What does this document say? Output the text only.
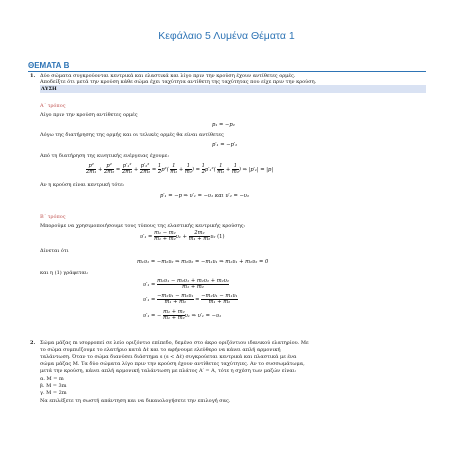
Κεφάλαιο 5 Λυμένα Θέματα 1
ΘΕΜΑΤΑ Β
1. Δύο σώματα συγκρούονται κεντρικά και ελαστικά και λίγο πριν την κρούση έχουν αντίθετες ορμές.
Αποδείξτε ότι μετά την κρούση κάθε σώμα έχει ταχύτητα αντίθετη της ταχύτητας που είχε πριν την κρούση.
ΛΥΣΗ
Α΄ τρόπος
Λίγο πριν την κρούση αντίθετες ορμές
p₁ = −p₂
Λόγω της διατήρησης της ορμής και οι τελικές ορμές θα είναι αντίθετες
p′₁ = −p′₂
Από τη διατήρηση της κινητικής ενέργειας έχουμε:
$\frac{\text{p²}}{\text{2m₁}} + \frac{\text{p²}}{\text{2m₂}} = \frac{\text{p′₁²}}{\text{2m₁}} + \frac{\text{p′₂²}}{\text{2m₂}} = \frac{1}{2} p^2( \frac{1}{\text{m₁}} + \frac{1}{\text{m₂}}$ ) = $\frac{1}{2} p'_1^2( \frac{1}{\text{m₁}} + \frac{1}{\text{m₂}}$ ) ⇒ |p′₁| = |p|
Αν η κρούση είναι κεντρική τότε:
p′₁ = −p ⇒ υ′₁ = −υ₁ και υ′₂ = −υ₂
Β΄ τρόπος
Μπορούμε να χρησιμοποιήσουμε τους τύπους της ελαστικής κεντρικής κρούσης:
$\upsilon'_1 = \frac{\text{m₁ − m₂}}{\text{m₁ + m₂}} \upsilon_1 + \frac{\text{2m₂}}{\text{m₁ + m₂}} \upsilon_2$ (1)
Δίνεται ότι
m₁υ₁ = −m₂υ₂ ⇒ m₂υ₂ = −m₁υ₁ ⇒ m₁υ₁ + m₂υ₂ = 0
και η (1) γράφεται:
$\upsilon'_1 = \frac{\text{m₁υ₁ − m₂υ₁ + m₂υ₂ + m₂υ₂}}{\text{m₁ + m₂}}$
$\upsilon'_1 = \frac{\text{−m₂υ₁ − m₂υ₁}}{\text{m₁ + m₂}} = \frac{\text{−m₂υ₁ − m₁υ₁}}{\text{m₁ + m₂}}$
υ′₁ = − $\frac{\text{m₁ + m₂}}{\text{m₁ + m₂}} \upsilon_1$ ⇒ υ′₁ = −υ₁
2. Σώμα μάζας m ισορροπεί σε λείο οριζόντιο επίπεδο, δεμένο στο άκρο οριζόντιου ιδανικού ελατηρίου. Με
το σώμα συμπιέζουμε το ελατήριο κατά Δℓ και το αφήνουμε ελεύθερο να κάνει απλή αρμονική
ταλάντωση. Όταν το σώμα διανύσει διάστημα s (s < Δℓ) συγκρούεται κεντρικά και πλαστικά με ένα
σώμα μάζας M. Τα δύο σώματα λίγο πριν την κρούση έχουν αντίθετες ταχύτητες. Αν το συσσωμάτωμα,
μετά την κρούση, κάνει απλή αρμονική ταλάντωση με πλάτος A′ = A, τότε η σχέση των μαζών είναι:
α. M = m
β. M = 3m
γ. M = 2m
Να επιλέξετε τη σωστή απάντηση και να δικαιολογήσετε την επιλογή σας.
